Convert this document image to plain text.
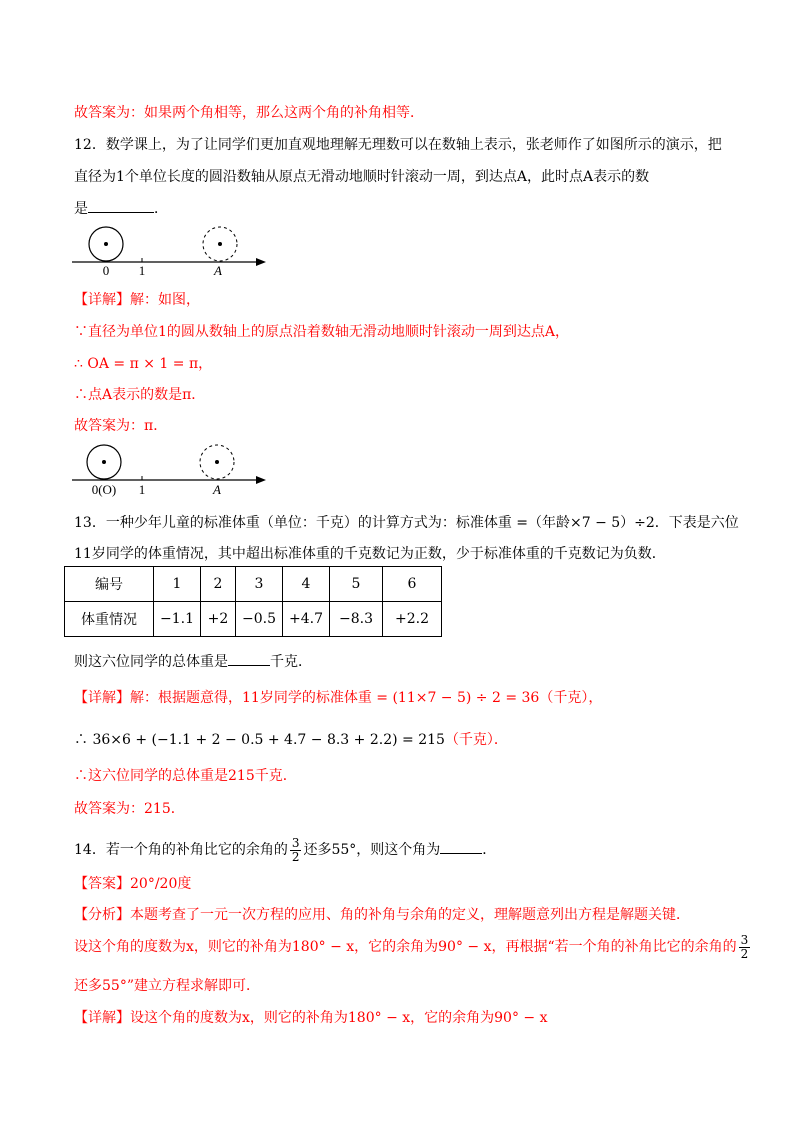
故答案为：如果两个角相等，那么这两个角的补角相等．
12．数学课上，为了让同学们更加直观地理解无理数可以在数轴上表示，张老师作了如图所示的演示，把
直径为1个单位长度的圆沿数轴从原点无滑动地顺时针滚动一周，到达点A，此时点A表示的数
是	．
0 1	A
【详解】解：如图，
∵直径为单位1的圆从数轴上的原点沿着数轴无滑动地顺时针滚动一周到达点A，
∴ OA = π × 1 = π，
∴点A表示的数是π．
故答案为：π．
0(O) 1	A
13．一种少年儿童的标准体重（单位：千克）的计算方式为：标准体重 =（年龄×7 − 5）÷2．下表是六位
11岁同学的体重情况，其中超出标准体重的千克数记为正数，少于标准体重的千克数记为负数．
编号	1	2	3	4	5	6
体重情况	−1.1	+2	−0.5	+4.7	−8.3	+2.2
则这六位同学的总体重是	千克．
【详解】解：根据题意得，11岁同学的标准体重 = (11×7 − 5) ÷ 2 = 36（千克），
∴ 36×6 + (−1.1 + 2 − 0.5 + 4.7 − 8.3 + 2.2) = 215（千克）．
∴这六位同学的总体重是215千克．
故答案为：215．
14．若一个角的补角比它的余角的 $\frac{3}{2}$ 还多55°，则这个角为	．
【答案】20°/20度
【分析】本题考查了一元一次方程的应用、角的补角与余角的定义，理解题意列出方程是解题关键．
设这个角的度数为x，则它的补角为180° − x，它的余角为90° − x，再根据“若一个角的补角比它的余角的 $\frac{3}{2}$
还多55°”建立方程求解即可．
【详解】设这个角的度数为x，则它的补角为180° − x，它的余角为90° − x
